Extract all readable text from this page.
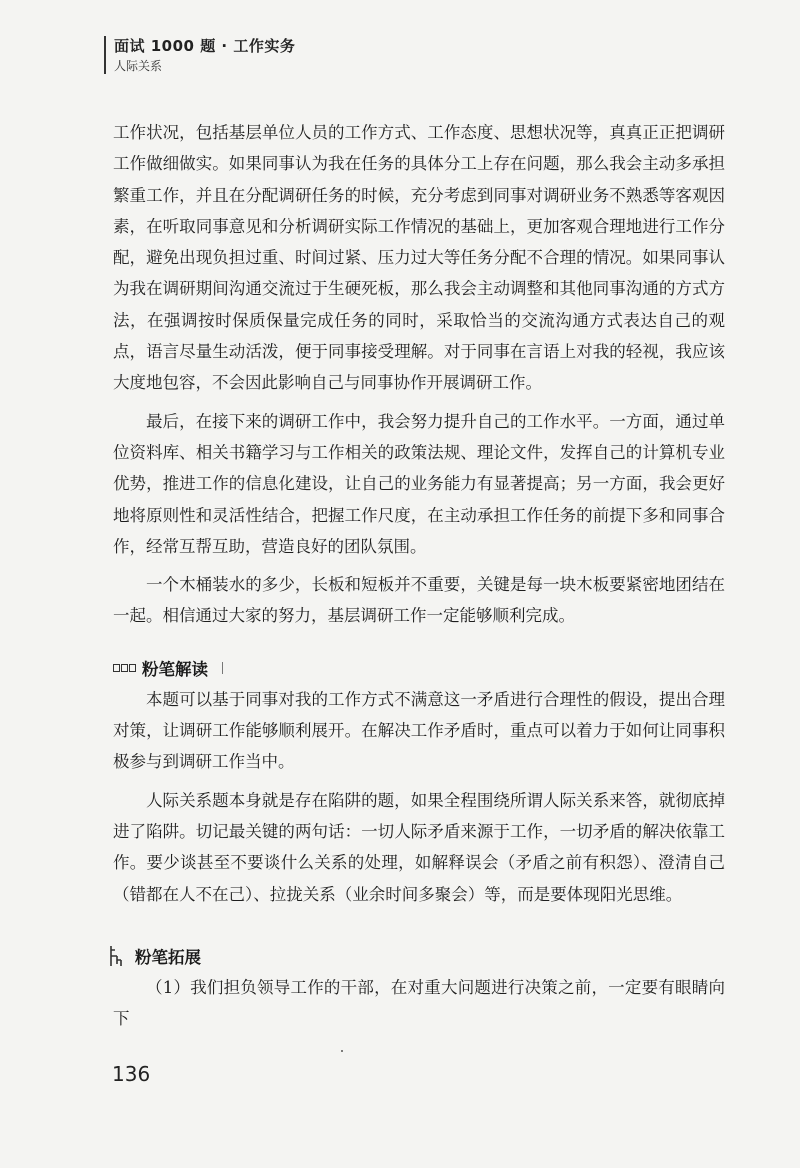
面试 1000 题 · 工作实务
人际关系

工作状况，包括基层单位人员的工作方式、工作态度、思想状况等，真真正正把调研工作做细做实。如果同事认为我在任务的具体分工上存在问题，那么我会主动多承担繁重工作，并且在分配调研任务的时候，充分考虑到同事对调研业务不熟悉等客观因素，在听取同事意见和分析调研实际工作情况的基础上，更加客观合理地进行工作分配，避免出现负担过重、时间过紧、压力过大等任务分配不合理的情况。如果同事认为我在调研期间沟通交流过于生硬死板，那么我会主动调整和其他同事沟通的方式方法，在强调按时保质保量完成任务的同时，采取恰当的交流沟通方式表达自己的观点，语言尽量生动活泼，便于同事接受理解。对于同事在言语上对我的轻视，我应该大度地包容，不会因此影响自己与同事协作开展调研工作。

最后，在接下来的调研工作中，我会努力提升自己的工作水平。一方面，通过单位资料库、相关书籍学习与工作相关的政策法规、理论文件，发挥自己的计算机专业优势，推进工作的信息化建设，让自己的业务能力有显著提高；另一方面，我会更好地将原则性和灵活性结合，把握工作尺度，在主动承担工作任务的前提下多和同事合作，经常互帮互助，营造良好的团队氛围。

一个木桶装水的多少，长板和短板并不重要，关键是每一块木板要紧密地团结在一起。相信通过大家的努力，基层调研工作一定能够顺利完成。

粉笔解读

本题可以基于同事对我的工作方式不满意这一矛盾进行合理性的假设，提出合理对策，让调研工作能够顺利展开。在解决工作矛盾时，重点可以着力于如何让同事积极参与到调研工作当中。

人际关系题本身就是存在陷阱的题，如果全程围绕所谓人际关系来答，就彻底掉进了陷阱。切记最关键的两句话：一切人际矛盾来源于工作，一切矛盾的解决依靠工作。要少谈甚至不要谈什么关系的处理，如解释误会（矛盾之前有积怨）、澄清自己（错都在人不在己）、拉拢关系（业余时间多聚会）等，而是要体现阳光思维。

粉笔拓展

（1）我们担负领导工作的干部，在对重大问题进行决策之前，一定要有眼睛向下

136
